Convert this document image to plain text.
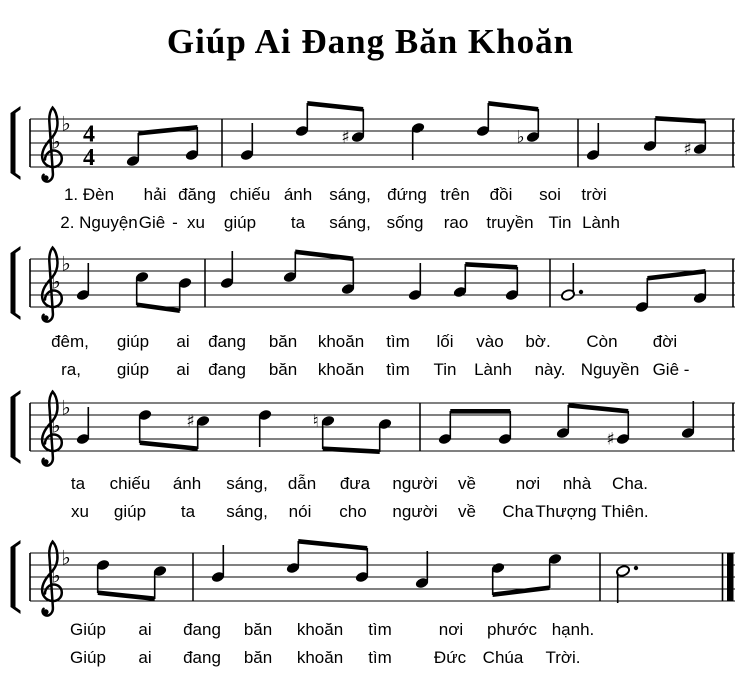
Giúp Ai Đang Băn Khoăn
♭
♭ 4
4
♯	♭
♯
1. Đèn hải đăng chiếu ánh sáng, đứng trên đồi soi trời
2. Nguyện Giê - xu giúp ta sáng, sống rao truyền Tin Lành
♭
♭
đêm, giúp ai đang băn khoăn tìm lối vào bờ. Còn đời
ra, giúp ai đang băn khoăn tìm Tin Lành này. Nguyền Giê -
♭
♭
♯	♮
♯
ta chiếu ánh sáng, dẫn đưa người về nơi nhà Cha.
xu giúp ta sáng, nói cho người về Cha Thượng Thiên.
♭
♭
Giúp ai đang băn khoăn tìm	nơi phước hạnh.
Giúp ai đang băn khoăn tìm Đức Chúa Trời.
